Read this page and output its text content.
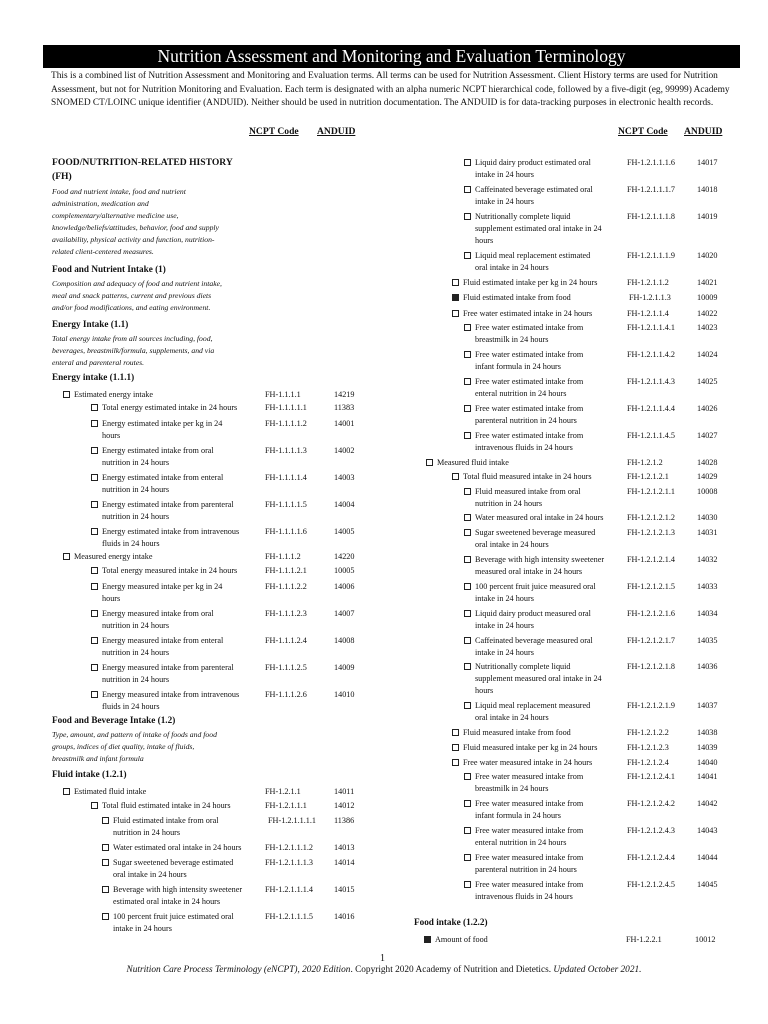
Nutrition Assessment and Monitoring and Evaluation Terminology
This is a combined list of Nutrition Assessment and Monitoring and Evaluation terms. All terms can be used for Nutrition Assessment. Client History terms are used for Nutrition Assessment, but not for Nutrition Monitoring and Evaluation. Each term is designated with an alpha numeric NCPT hierarchical code, followed by a five-digit (eg, 99999) Academy SNOMED CT/LOINC unique identifier (ANDUID). Neither should be used in nutrition documentation. The ANDUID is for data-tracking purposes in electronic health records.
NCPT Code ANDUID	NCPT Code ANDUID
FOOD/NUTRITION-RELATED HISTORY
(FH)
Food and nutrient intake, food and nutrient
administration, medication and
complementary/alternative medicine use,
knowledge/beliefs/attitudes, behavior, food and supply
availability, physical activity and function, nutrition-
related client-centered measures.
Food and Nutrient Intake (1)
Composition and adequacy of food and nutrient intake,
meal and snack patterns, current and previous diets
and/or food modifications, and eating environment.
Energy Intake (1.1)
Total energy intake from all sources including, food,
beverages, breastmilk/formula, supplements, and via
enteral and parenteral routes.
Energy intake (1.1.1)
Estimated energy intake	FH-1.1.1.1	14219
Total energy estimated intake in 24 hours	FH-1.1.1.1.1	11383
Energy estimated intake per kg in 24
hours
FH-1.1.1.1.2	14001
Energy estimated intake from oral
nutrition in 24 hours
FH-1.1.1.1.3	14002
Energy estimated intake from enteral
nutrition in 24 hours
FH-1.1.1.1.4	14003
Energy estimated intake from parenteral
nutrition in 24 hours
FH-1.1.1.1.5	14004
Energy estimated intake from intravenous
fluids in 24 hours
FH-1.1.1.1.6	14005
Measured energy intake	FH-1.1.1.2	14220
Total energy measured intake in 24 hours	FH-1.1.1.2.1	10005
Energy measured intake per kg in 24
hours
FH-1.1.1.2.2	14006
Energy measured intake from oral
nutrition in 24 hours
FH-1.1.1.2.3	14007
Energy measured intake from enteral
nutrition in 24 hours
FH-1.1.1.2.4	14008
Energy measured intake from parenteral
nutrition in 24 hours
FH-1.1.1.2.5	14009
Energy measured intake from intravenous
fluids in 24 hours
FH-1.1.1.2.6	14010
Food and Beverage Intake (1.2)
Type, amount, and pattern of intake of foods and food
groups, indices of diet quality, intake of fluids,
breastmilk and infant formula
Fluid intake (1.2.1)
Estimated fluid intake	FH-1.2.1.1	14011
Total fluid estimated intake in 24 hours	FH-1.2.1.1.1	14012
Fluid estimated intake from oral
nutrition in 24 hours
FH-1.2.1.1.1.1 11386
Water estimated oral intake in 24 hours	FH-1.2.1.1.1.2	14013
Sugar sweetened beverage estimated
oral intake in 24 hours
FH-1.2.1.1.1.3	14014
Beverage with high intensity sweetener
estimated oral intake in 24 hours
FH-1.2.1.1.1.4	14015
100 percent fruit juice estimated oral
intake in 24 hours
FH-1.2.1.1.1.5	14016
Liquid dairy product estimated oral
intake in 24 hours
FH-1.2.1.1.1.6	14017
Caffeinated beverage estimated oral
intake in 24 hours
FH-1.2.1.1.1.7	14018
Nutritionally complete liquid
supplement estimated oral intake in 24
hours
FH-1.2.1.1.1.8	14019
Liquid meal replacement estimated
oral intake in 24 hours
FH-1.2.1.1.1.9	14020
Fluid estimated intake per kg in 24 hours	FH-1.2.1.1.2	14021
Fluid estimated intake from food	FH-1.2.1.1.3	10009
Free water estimated intake in 24 hours	FH-1.2.1.1.4	14022
Free water estimated intake from
breastmilk in 24 hours
FH-1.2.1.1.4.1	14023
Free water estimated intake from
infant formula in 24 hours
FH-1.2.1.1.4.2	14024
Free water estimated intake from
enteral nutrition in 24 hours
FH-1.2.1.1.4.3	14025
Free water estimated intake from
parenteral nutrition in 24 hours
FH-1.2.1.1.4.4	14026
Free water estimated intake from
intravenous fluids in 24 hours
FH-1.2.1.1.4.5	14027
Measured fluid intake	FH-1.2.1.2	14028
Total fluid measured intake in 24 hours	FH-1.2.1.2.1	14029
Fluid measured intake from oral
nutrition in 24 hours
FH-1.2.1.2.1.1	10008
Water measured oral intake in 24 hours	FH-1.2.1.2.1.2	14030
Sugar sweetened beverage measured
oral intake in 24 hours
FH-1.2.1.2.1.3	14031
Beverage with high intensity sweetener
measured oral intake in 24 hours
FH-1.2.1.2.1.4	14032
100 percent fruit juice measured oral
intake in 24 hours
FH-1.2.1.2.1.5	14033
Liquid dairy product measured oral
intake in 24 hours
FH-1.2.1.2.1.6	14034
Caffeinated beverage measured oral
intake in 24 hours
FH-1.2.1.2.1.7	14035
Nutritionally complete liquid
supplement measured oral intake in 24
hours
FH-1.2.1.2.1.8	14036
Liquid meal replacement measured
oral intake in 24 hours
FH-1.2.1.2.1.9	14037
Fluid measured intake from food	FH-1.2.1.2.2	14038
Fluid measured intake per kg in 24 hours	FH-1.2.1.2.3	14039
Free water measured intake in 24 hours	FH-1.2.1.2.4	14040
Free water measured intake from
breastmilk in 24 hours
FH-1.2.1.2.4.1	14041
Free water measured intake from
infant formula in 24 hours
FH-1.2.1.2.4.2	14042
Free water measured intake from
enteral nutrition in 24 hours
FH-1.2.1.2.4.3	14043
Free water measured intake from
parenteral nutrition in 24 hours
FH-1.2.1.2.4.4	14044
Free water measured intake from
intravenous fluids in 24 hours
FH-1.2.1.2.4.5	14045
Food intake (1.2.2)
Amount of food	FH-1.2.2.1	10012
1
Nutrition Care Process Terminology (eNCPT), 2020 Edition. Copyright 2020 Academy of Nutrition and Dietetics. Updated October 2021.
